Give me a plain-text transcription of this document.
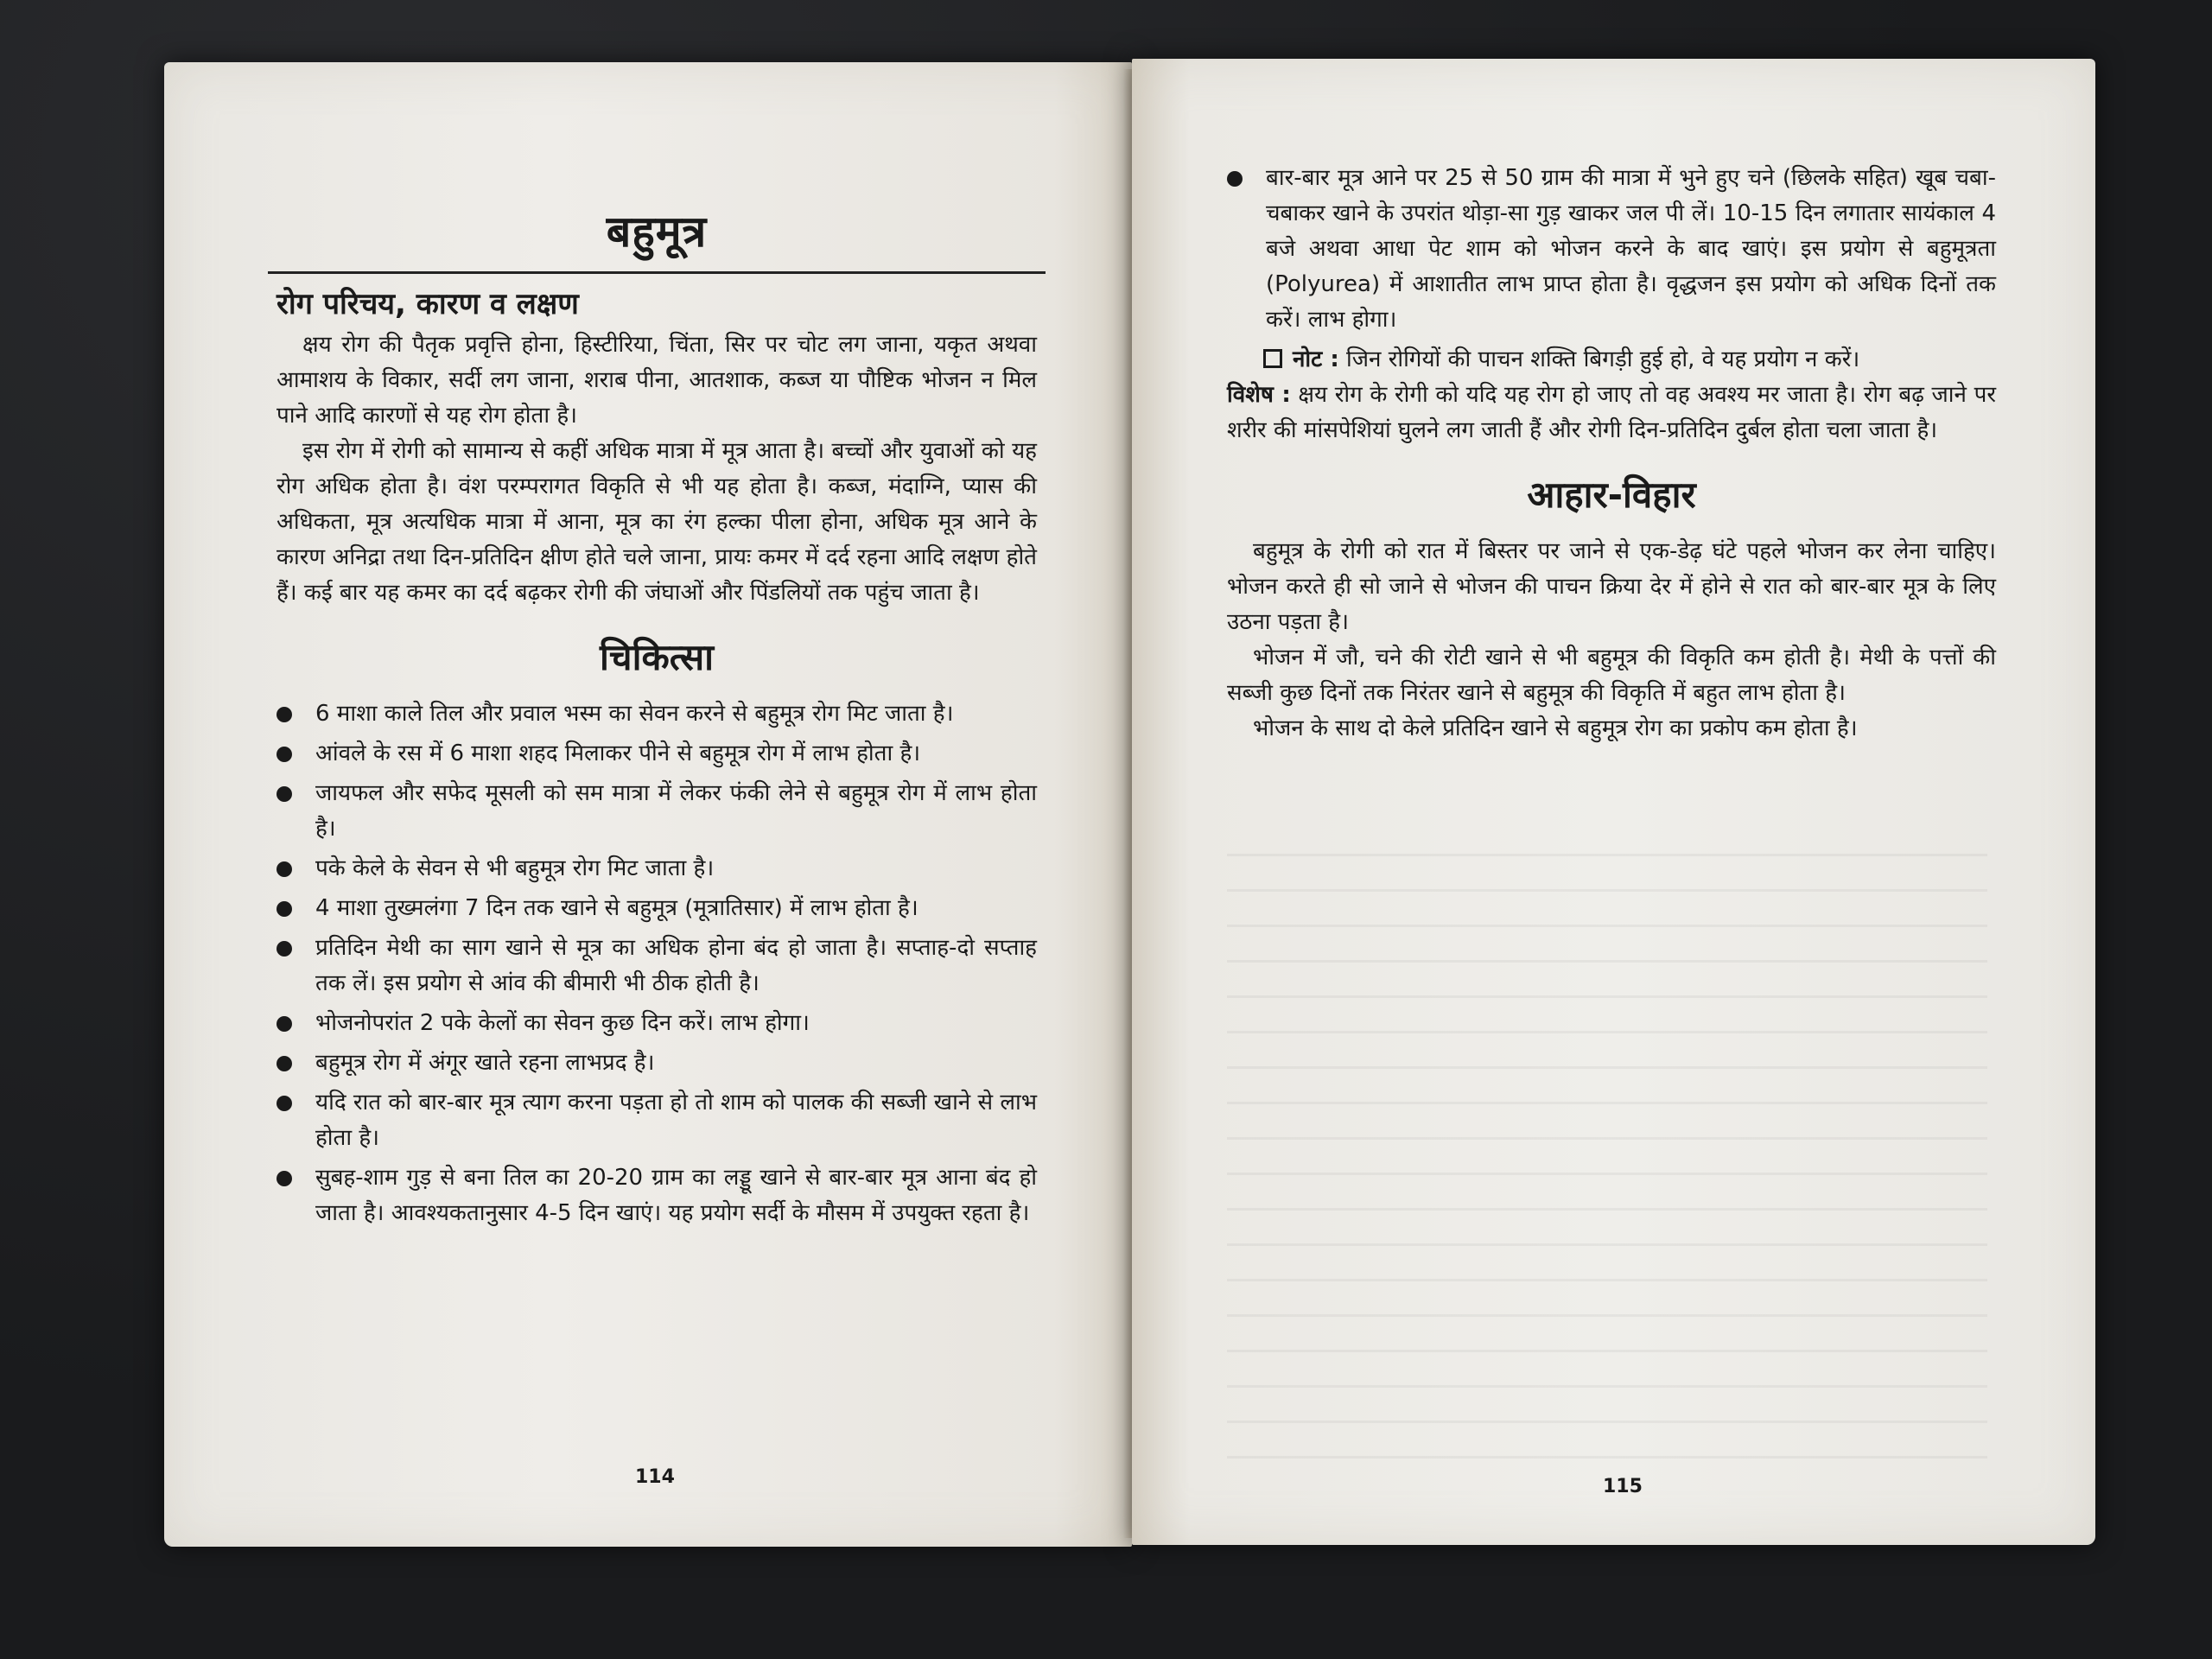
बहुमूत्र
रोग परिचय, कारण व लक्षण

क्षय रोग की पैतृक प्रवृत्ति होना, हिस्टीरिया, चिंता, सिर पर चोट लग जाना, यकृत अथवा आमाशय के विकार, सर्दी लग जाना, शराब पीना, आतशाक, कब्ज या पौष्टिक भोजन न मिल पाने आदि कारणों से यह रोग होता है।

इस रोग में रोगी को सामान्य से कहीं अधिक मात्रा में मूत्र आता है। बच्चों और युवाओं को यह रोग अधिक होता है। वंश परम्परागत विकृति से भी यह होता है। कब्ज, मंदाग्नि, प्यास की अधिकता, मूत्र अत्यधिक मात्रा में आना, मूत्र का रंग हल्का पीला होना, अधिक मूत्र आने के कारण अनिद्रा तथा दिन-प्रतिदिन क्षीण होते चले जाना, प्रायः कमर में दर्द रहना आदि लक्षण होते हैं। कई बार यह कमर का दर्द बढ़कर रोगी की जंघाओं और पिंडलियों तक पहुंच जाता है।

चिकित्सा
6 माशा काले तिल और प्रवाल भस्म का सेवन करने से बहुमूत्र रोग मिट जाता है।
आंवले के रस में 6 माशा शहद मिलाकर पीने से बहुमूत्र रोग में लाभ होता है।
जायफल और सफेद मूसली को सम मात्रा में लेकर फंकी लेने से बहुमूत्र रोग में लाभ होता है।
पके केले के सेवन से भी बहुमूत्र रोग मिट जाता है।
4 माशा तुख्मलंगा 7 दिन तक खाने से बहुमूत्र (मूत्रातिसार) में लाभ होता है।
प्रतिदिन मेथी का साग खाने से मूत्र का अधिक होना बंद हो जाता है। सप्ताह-दो सप्ताह तक लें। इस प्रयोग से आंव की बीमारी भी ठीक होती है।
भोजनोपरांत 2 पके केलों का सेवन कुछ दिन करें। लाभ होगा।
बहुमूत्र रोग में अंगूर खाते रहना लाभप्रद है।
यदि रात को बार-बार मूत्र त्याग करना पड़ता हो तो शाम को पालक की सब्जी खाने से लाभ होता है।
सुबह-शाम गुड़ से बना तिल का 20-20 ग्राम का लड्डू खाने से बार-बार मूत्र आना बंद हो जाता है। आवश्यकतानुसार 4-5 दिन खाएं। यह प्रयोग सर्दी के मौसम में उपयुक्त रहता है।
114
बार-बार मूत्र आने पर 25 से 50 ग्राम की मात्रा में भुने हुए चने (छिलके सहित) खूब चबा-चबाकर खाने के उपरांत थोड़ा-सा गुड़ खाकर जल पी लें। 10-15 दिन लगातार सायंकाल 4 बजे अथवा आधा पेट शाम को भोजन करने के बाद खाएं। इस प्रयोग से बहुमूत्रता (Polyurea) में आशातीत लाभ प्राप्त होता है। वृद्धजन इस प्रयोग को अधिक दिनों तक करें। लाभ होगा।
नोट : जिन रोगियों की पाचन शक्ति बिगड़ी हुई हो, वे यह प्रयोग न करें।

विशेष : क्षय रोग के रोगी को यदि यह रोग हो जाए तो वह अवश्य मर जाता है। रोग बढ़ जाने पर शरीर की मांसपेशियां घुलने लग जाती हैं और रोगी दिन-प्रतिदिन दुर्बल होता चला जाता है।

आहार-विहार

बहुमूत्र के रोगी को रात में बिस्तर पर जाने से एक-डेढ़ घंटे पहले भोजन कर लेना चाहिए। भोजन करते ही सो जाने से भोजन की पाचन क्रिया देर में होने से रात को बार-बार मूत्र के लिए उठना पड़ता है।

भोजन में जौ, चने की रोटी खाने से भी बहुमूत्र की विकृति कम होती है। मेथी के पत्तों की सब्जी कुछ दिनों तक निरंतर खाने से बहुमूत्र की विकृति में बहुत लाभ होता है।

भोजन के साथ दो केले प्रतिदिन खाने से बहुमूत्र रोग का प्रकोप कम होता है।

115
